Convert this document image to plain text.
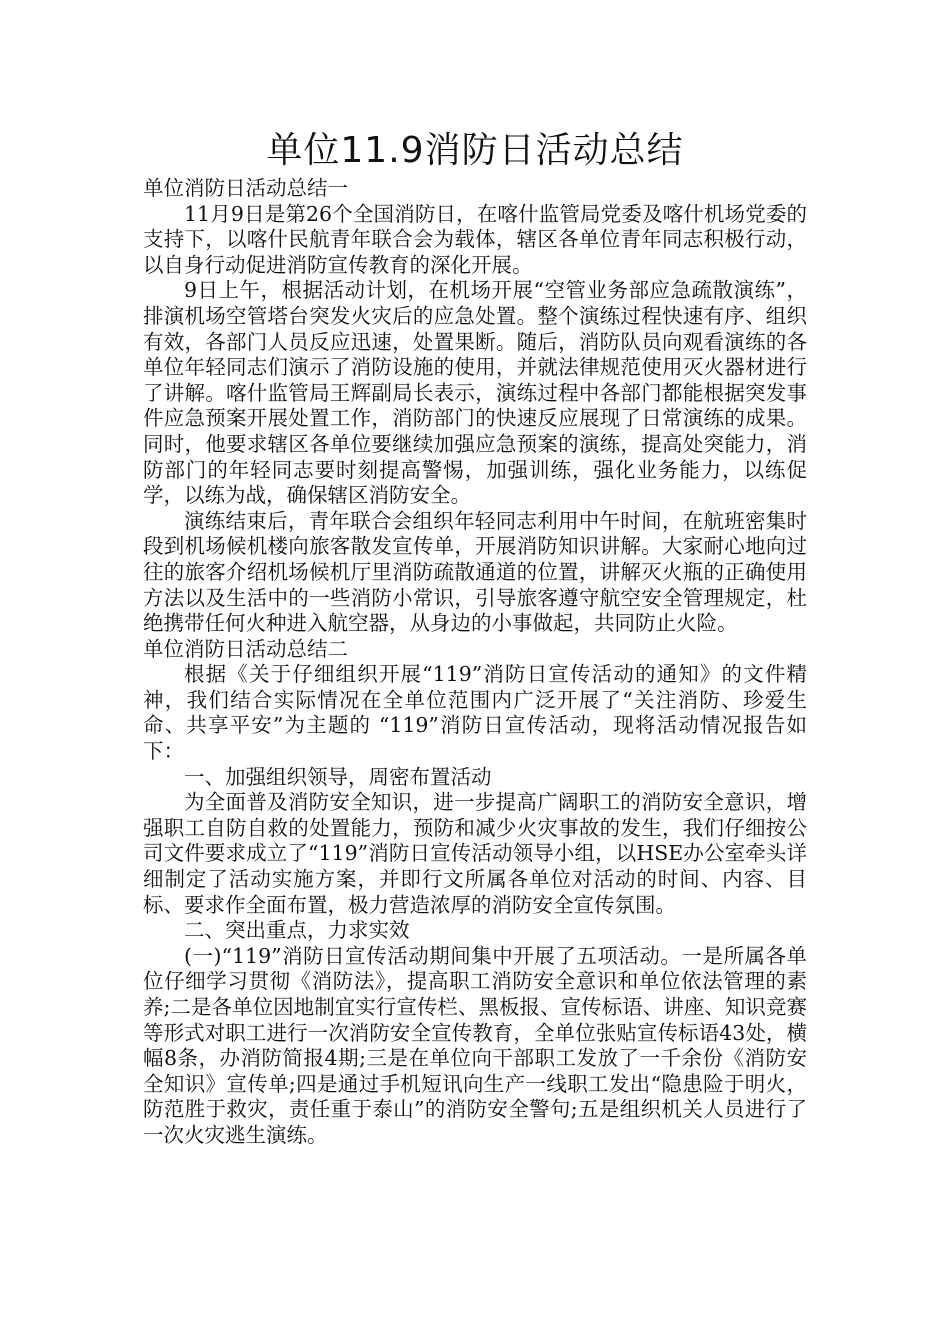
单位11.9消防日活动总结

单位消防日活动总结一

11月9日是第26个全国消防日，在喀什监管局党委及喀什机场党委的支持下，以喀什民航青年联合会为载体，辖区各单位青年同志积极行动，以自身行动促进消防宣传教育的深化开展。

9日上午，根据活动计划，在机场开展“空管业务部应急疏散演练”，排演机场空管塔台突发火灾后的应急处置。整个演练过程快速有序、组织有效，各部门人员反应迅速，处置果断。随后，消防队员向观看演练的各单位年轻同志们演示了消防设施的使用，并就法律规范使用灭火器材进行了讲解。喀什监管局王辉副局长表示，演练过程中各部门都能根据突发事件应急预案开展处置工作，消防部门的快速反应展现了日常演练的成果。同时，他要求辖区各单位要继续加强应急预案的演练，提高处突能力，消防部门的年轻同志要时刻提高警惕，加强训练，强化业务能力，以练促学，以练为战，确保辖区消防安全。

演练结束后，青年联合会组织年轻同志利用中午时间，在航班密集时段到机场候机楼向旅客散发宣传单，开展消防知识讲解。大家耐心地向过往的旅客介绍机场候机厅里消防疏散通道的位置，讲解灭火瓶的正确使用方法以及生活中的一些消防小常识，引导旅客遵守航空安全管理规定，杜绝携带任何火种进入航空器，从身边的小事做起，共同防止火险。

单位消防日活动总结二

根据《关于仔细组织开展“119”消防日宣传活动的通知》的文件精神，我们结合实际情况在全单位范围内广泛开展了“关注消防、珍爱生命、共享平安”为主题的 “119”消防日宣传活动，现将活动情况报告如下：

一、加强组织领导，周密布置活动

为全面普及消防安全知识，进一步提高广阔职工的消防安全意识，增强职工自防自救的处置能力，预防和减少火灾事故的发生，我们仔细按公司文件要求成立了“119”消防日宣传活动领导小组，以HSE办公室牵头详细制定了活动实施方案，并即行文所属各单位对活动的时间、内容、目标、要求作全面布置，极力营造浓厚的消防安全宣传氛围。

二、突出重点，力求实效

(一)“119”消防日宣传活动期间集中开展了五项活动。一是所属各单位仔细学习贯彻《消防法》，提高职工消防安全意识和单位依法管理的素养;二是各单位因地制宜实行宣传栏、黑板报、宣传标语、讲座、知识竞赛等形式对职工进行一次消防安全宣传教育，全单位张贴宣传标语43处，横幅8条，办消防简报4期;三是在单位向干部职工发放了一千余份《消防安全知识》宣传单;四是通过手机短讯向生产一线职工发出“隐患险于明火，防范胜于救灾，责任重于泰山”的消防安全警句;五是组织机关人员进行了一次火灾逃生演练。
